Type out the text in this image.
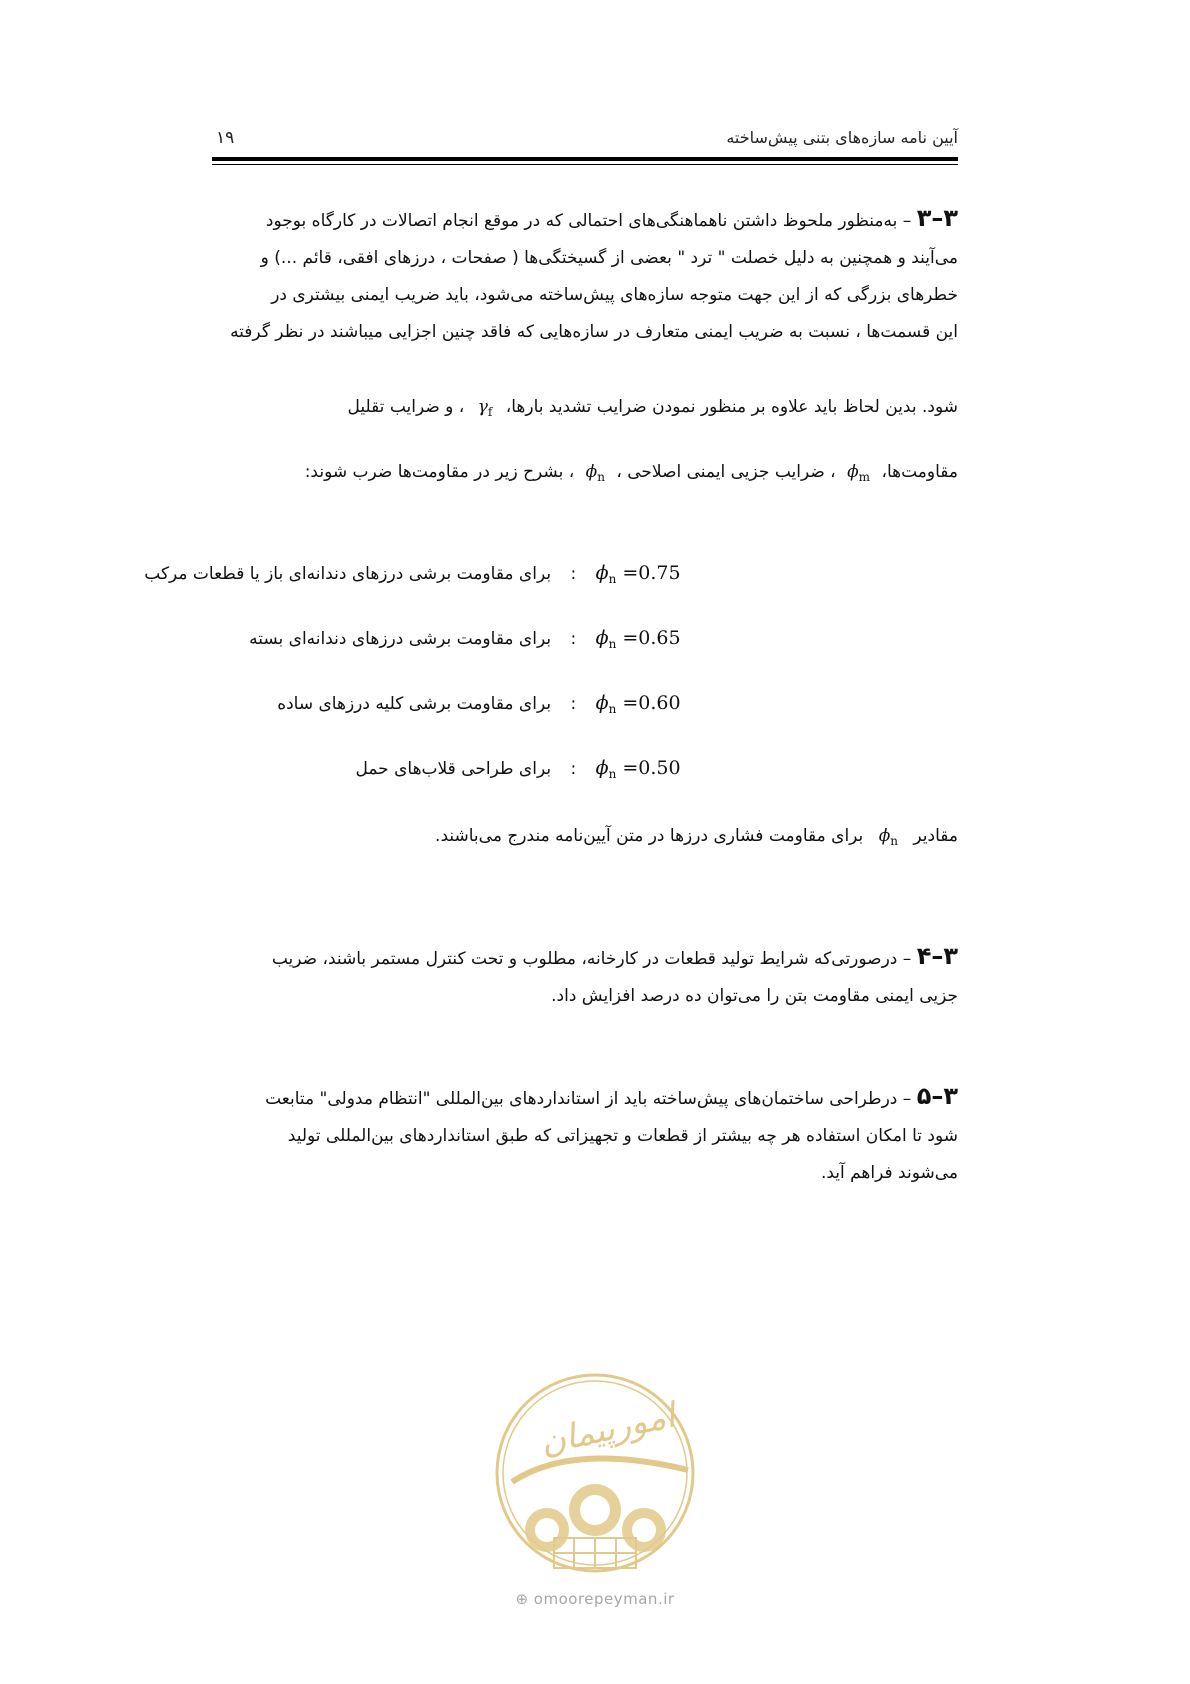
آیین نامه سازه‌های بتنی پیش‌ساخته
۱۹
۳–۳ – به‌منظور ملحوظ داشتن ناهماهنگی‌های احتمالی که در موقع انجام اتصالات در کارگاه بوجود
می‌آیند و همچنین به دلیل خصلت " ترد " بعضی از گسیختگی‌ها ( صفحات ، درزهای افقی، قائم ...) و
خطرهای بزرگی که از این جهت متوجه سازه‌های پیش‌ساخته می‌شود، باید ضریب ایمنی بیشتری در
این قسمت‌ها ، نسبت به ضریب ایمنی متعارف در سازه‌هایی که فاقد چنین اجزایی میباشند در نظر گرفته
شود. بدین لحاظ باید علاوه بر منظور نمودن ضرایب تشدید بارها، $\gamma_f$ ، و ضرایب تقلیل
مقاومت‌ها، $\phi_m$ ، ضرایب جزیی ایمنی اصلاحی ، $\phi_n$ ، بشرح زیر در مقاومت‌ها ضرب شوند:
$\phi_n =0.75$ : برای مقاومت برشی درزهای دندانه‌ای باز یا قطعات مرکب
$\phi_n =0.65$ : برای مقاومت برشی درزهای دندانه‌ای بسته
$\phi_n =0.60$ : برای مقاومت برشی کلیه درزهای ساده
$\phi_n =0.50$ : برای طراحی قلاب‌های حمل
مقادیر $\phi_n$ برای مقاومت فشاری درزها در متن آیین‌نامه مندرج می‌باشند.
۳–۴ – درصورتی‌که شرایط تولید قطعات در کارخانه، مطلوب و تحت کنترل مستمر باشند، ضریب
جزیی ایمنی مقاومت بتن را می‌توان ده درصد افزایش داد.
۳–۵ – درطراحی ساختمان‌های پیش‌ساخته باید از استانداردهای بین‌المللی "انتظام مدولی" متابعت
شود تا امکان استفاده هر چه بیشتر از قطعات و تجهیزاتی که طبق استانداردهای بین‌المللی تولید
می‌شوند فراهم آید.
امورپیمان
⊕ omoorepeyman.ir
